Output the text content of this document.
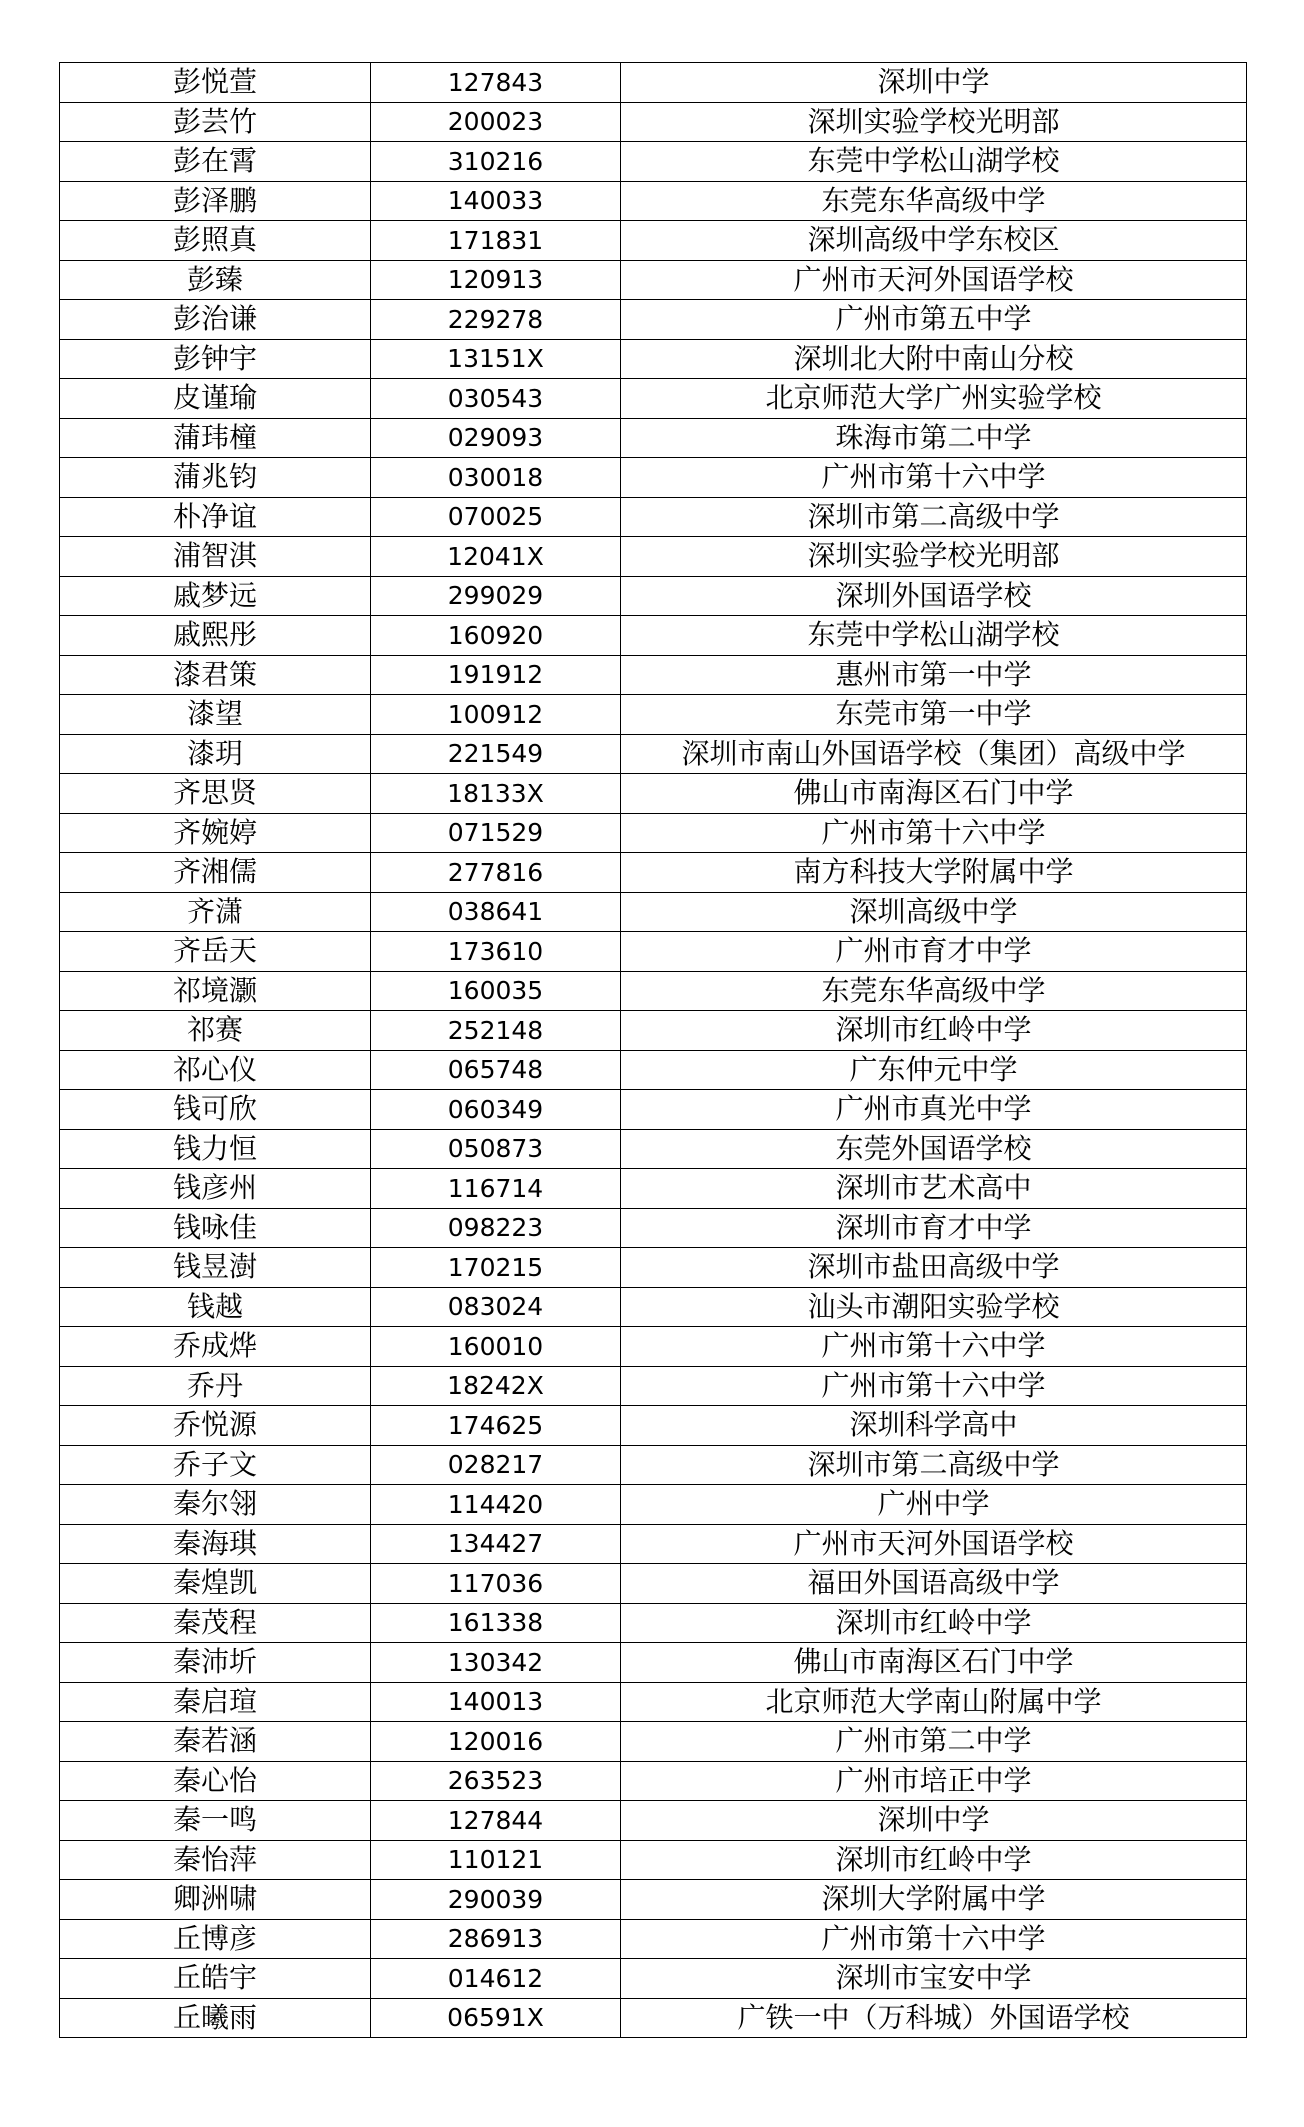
彭悦萱	127843	深圳中学
彭芸竹	200023	深圳实验学校光明部
彭在霄	310216	东莞中学松山湖学校
彭泽鹏	140033	东莞东华高级中学
彭照真	171831	深圳高级中学东校区
彭臻	120913	广州市天河外国语学校
彭治谦	229278	广州市第五中学
彭钟宇	13151X	深圳北大附中南山分校
皮谨瑜	030543	北京师范大学广州实验学校
蒲玮橦	029093	珠海市第二中学
蒲兆钧	030018	广州市第十六中学
朴净谊	070025	深圳市第二高级中学
浦智淇	12041X	深圳实验学校光明部
戚梦远	299029	深圳外国语学校
戚熙彤	160920	东莞中学松山湖学校
漆君策	191912	惠州市第一中学
漆望	100912	东莞市第一中学
漆玥	221549	深圳市南山外国语学校（集团）高级中学
齐思贤	18133X	佛山市南海区石门中学
齐婉婷	071529	广州市第十六中学
齐湘儒	277816	南方科技大学附属中学
齐潇	038641	深圳高级中学
齐岳天	173610	广州市育才中学
祁境灏	160035	东莞东华高级中学
祁赛	252148	深圳市红岭中学
祁心仪	065748	广东仲元中学
钱可欣	060349	广州市真光中学
钱力恒	050873	东莞外国语学校
钱彦州	116714	深圳市艺术高中
钱咏佳	098223	深圳市育才中学
钱昱澍	170215	深圳市盐田高级中学
钱越	083024	汕头市潮阳实验学校
乔成烨	160010	广州市第十六中学
乔丹	18242X	广州市第十六中学
乔悦源	174625	深圳科学高中
乔子文	028217	深圳市第二高级中学
秦尔翎	114420	广州中学
秦海琪	134427	广州市天河外国语学校
秦煌凯	117036	福田外国语高级中学
秦茂程	161338	深圳市红岭中学
秦沛圻	130342	佛山市南海区石门中学
秦启瑄	140013	北京师范大学南山附属中学
秦若涵	120016	广州市第二中学
秦心怡	263523	广州市培正中学
秦一鸣	127844	深圳中学
秦怡萍	110121	深圳市红岭中学
卿洲啸	290039	深圳大学附属中学
丘博彦	286913	广州市第十六中学
丘皓宇	014612	深圳市宝安中学
丘曦雨	06591X	广铁一中（万科城）外国语学校
